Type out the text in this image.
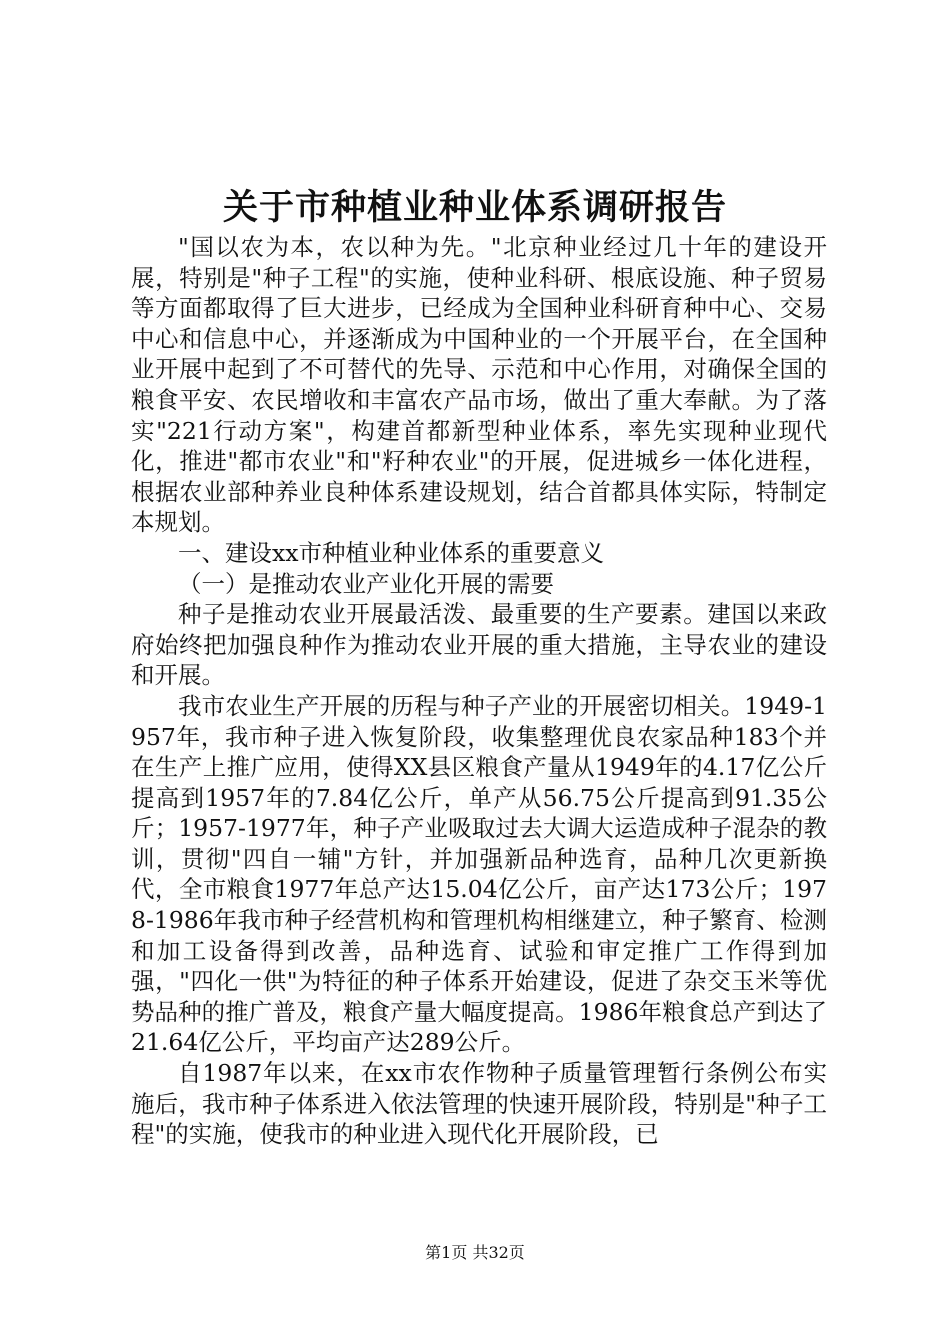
关于市种植业种业体系调研报告

"国以农为本，农以种为先。"北京种业经过几十年的建设开展，特别是"种子工程"的实施，使种业科研、根底设施、种子贸易等方面都取得了巨大进步，已经成为全国种业科研育种中心、交易中心和信息中心，并逐渐成为中国种业的一个开展平台，在全国种业开展中起到了不可替代的先导、示范和中心作用，对确保全国的粮食平安、农民增收和丰富农产品市场，做出了重大奉献。为了落实"221行动方案"，构建首都新型种业体系，率先实现种业现代化，推进"都市农业"和"籽种农业"的开展，促进城乡一体化进程，根据农业部种养业良种体系建设规划，结合首都具体实际，特制定本规划。

一、建设xx市种植业种业体系的重要意义

（一）是推动农业产业化开展的需要

种子是推动农业开展最活泼、最重要的生产要素。建国以来政府始终把加强良种作为推动农业开展的重大措施，主导农业的建设和开展。

我市农业生产开展的历程与种子产业的开展密切相关。1949-1957年，我市种子进入恢复阶段，收集整理优良农家品种183个并在生产上推广应用，使得XX县区粮食产量从1949年的4.17亿公斤提高到1957年的7.84亿公斤，单产从56.75公斤提高到91.35公斤；1957-1977年，种子产业吸取过去大调大运造成种子混杂的教训，贯彻"四自一辅"方针，并加强新品种选育，品种几次更新换代，全市粮食1977年总产达15.04亿公斤，亩产达173公斤；1978-1986年我市种子经营机构和管理机构相继建立，种子繁育、检测和加工设备得到改善，品种选育、试验和审定推广工作得到加强，"四化一供"为特征的种子体系开始建设，促进了杂交玉米等优势品种的推广普及，粮食产量大幅度提高。1986年粮食总产到达了21.64亿公斤，平均亩产达289公斤。

自1987年以来，在xx市农作物种子质量管理暂行条例公布实施后，我市种子体系进入依法管理的快速开展阶段，特别是"种子工程"的实施，使我市的种业进入现代化开展阶段，已

第1页 共32页
